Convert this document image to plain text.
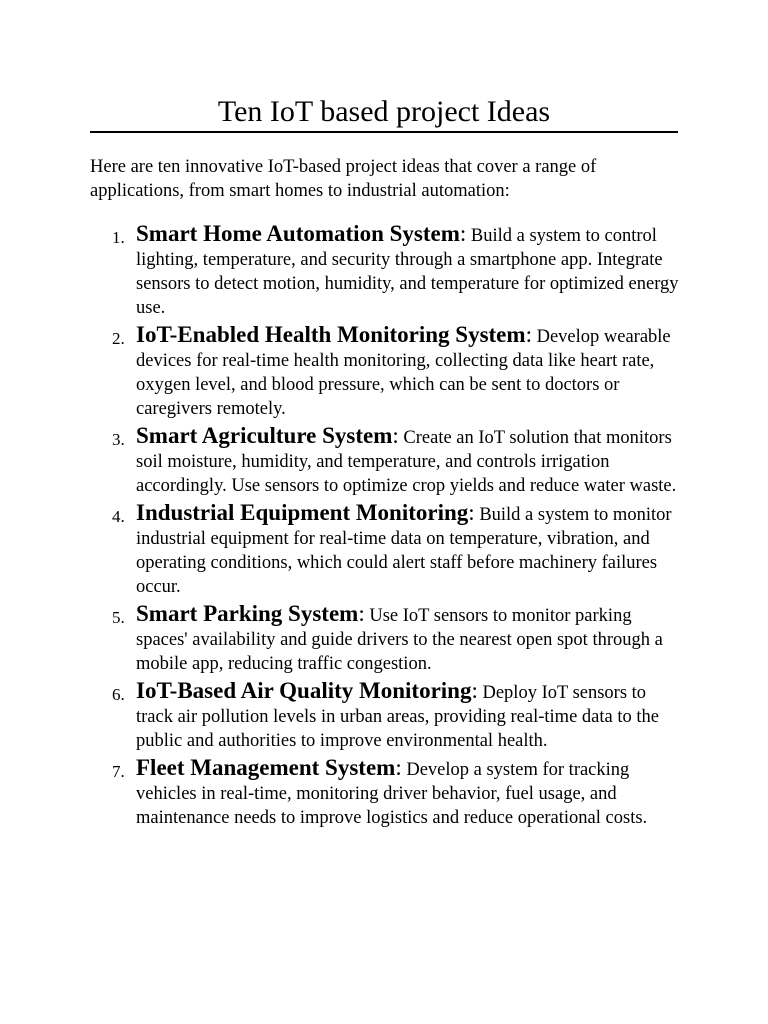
Ten IoT based project Ideas

Here are ten innovative IoT-based project ideas that cover a range of applications, from smart homes to industrial automation:

1. Smart Home Automation System: Build a system to control lighting, temperature, and security through a smartphone app. Integrate sensors to detect motion, humidity, and temperature for optimized energy use.
2. IoT-Enabled Health Monitoring System: Develop wearable devices for real-time health monitoring, collecting data like heart rate, oxygen level, and blood pressure, which can be sent to doctors or caregivers remotely.
3. Smart Agriculture System: Create an IoT solution that monitors soil moisture, humidity, and temperature, and controls irrigation accordingly. Use sensors to optimize crop yields and reduce water waste.
4. Industrial Equipment Monitoring: Build a system to monitor industrial equipment for real-time data on temperature, vibration, and operating conditions, which could alert staff before machinery failures occur.
5. Smart Parking System: Use IoT sensors to monitor parking spaces' availability and guide drivers to the nearest open spot through a mobile app, reducing traffic congestion.
6. IoT-Based Air Quality Monitoring: Deploy IoT sensors to track air pollution levels in urban areas, providing real-time data to the public and authorities to improve environmental health.
7. Fleet Management System: Develop a system for tracking vehicles in real-time, monitoring driver behavior, fuel usage, and maintenance needs to improve logistics and reduce operational costs.
